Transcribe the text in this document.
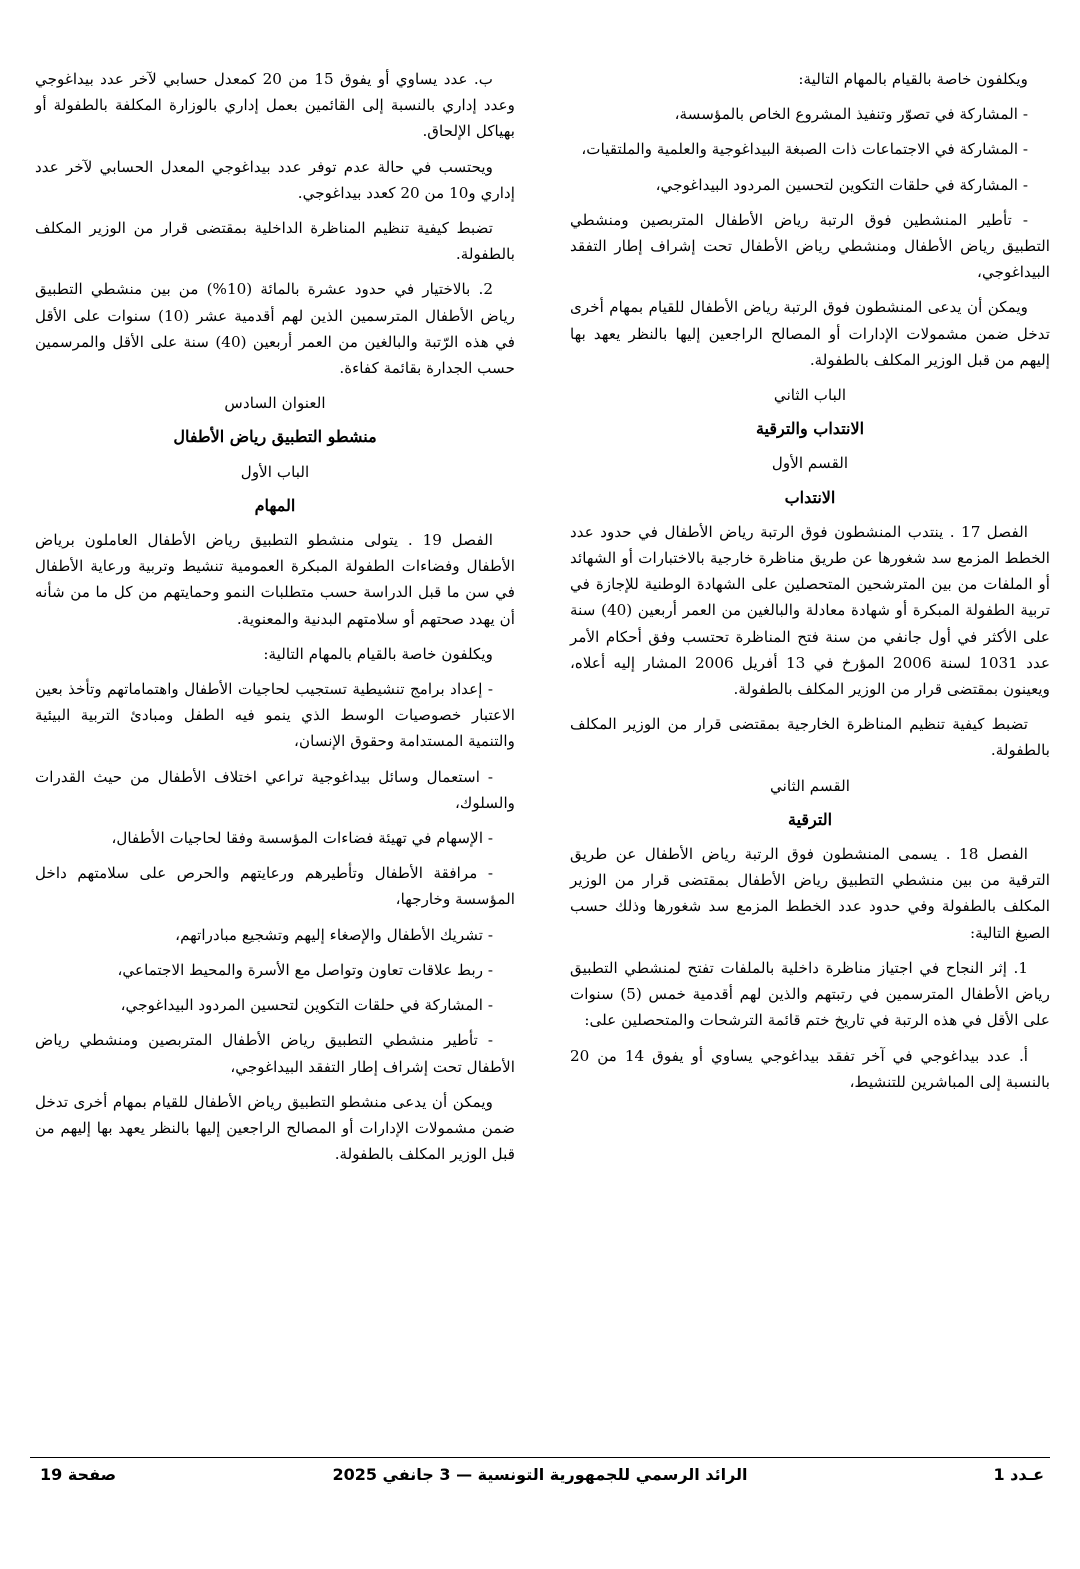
ويكلفون خاصة بالقيام بالمهام التالية:

- المشاركة في تصوّر وتنفيذ المشروع الخاص بالمؤسسة،

- المشاركة في الاجتماعات ذات الصبغة البيداغوجية والعلمية والملتقيات،

- المشاركة في حلقات التكوين لتحسين المردود البيداغوجي،

- تأطير المنشطين فوق الرتبة رياض الأطفال المتربصين ومنشطي التطبيق رياض الأطفال ومنشطي رياض الأطفال تحت إشراف إطار التفقد البيداغوجي،

ويمكن أن يدعى المنشطون فوق الرتبة رياض الأطفال للقيام بمهام أخرى تدخل ضمن مشمولات الإدارات أو المصالح الراجعين إليها بالنظر يعهد بها إليهم من قبل الوزير المكلف بالطفولة.

الباب الثاني

الانتداب والترقية

القسم الأول

الانتداب

الفصل 17 . ينتدب المنشطون فوق الرتبة رياض الأطفال في حدود عدد الخطط المزمع سد شغورها عن طريق مناظرة خارجية بالاختبارات أو الشهائد أو الملفات من بين المترشحين المتحصلين على الشهادة الوطنية للإجازة في تربية الطفولة المبكرة أو شهادة معادلة والبالغين من العمر أربعين (40) سنة على الأكثر في أول جانفي من سنة فتح المناظرة تحتسب وفق أحكام الأمر عدد 1031 لسنة 2006 المؤرخ في 13 أفريل 2006 المشار إليه أعلاه، ويعينون بمقتضى قرار من الوزير المكلف بالطفولة.

تضبط كيفية تنظيم المناظرة الخارجية بمقتضى قرار من الوزير المكلف بالطفولة.

القسم الثاني

الترقية

الفصل 18 . يسمى المنشطون فوق الرتبة رياض الأطفال عن طريق الترقية من بين منشطي التطبيق رياض الأطفال بمقتضى قرار من الوزير المكلف بالطفولة وفي حدود عدد الخطط المزمع سد شغورها وذلك حسب الصيغ التالية:

1. إثر النجاح في اجتياز مناظرة داخلية بالملفات تفتح لمنشطي التطبيق رياض الأطفال المترسمين في رتبتهم والذين لهم أقدمية خمس (5) سنوات على الأقل في هذه الرتبة في تاريخ ختم قائمة الترشحات والمتحصلين على:

أ. عدد بيداغوجي في آخر تفقد بيداغوجي يساوي أو يفوق 14 من 20 بالنسبة إلى المباشرين للتنشيط،

ب. عدد يساوي أو يفوق 15 من 20 كمعدل حسابي لآخر عدد بيداغوجي وعدد إداري بالنسبة إلى القائمين بعمل إداري بالوزارة المكلفة بالطفولة أو بهياكل الإلحاق.

ويحتسب في حالة عدم توفر عدد بيداغوجي المعدل الحسابي لآخر عدد إداري و10 من 20 كعدد بيداغوجي.

تضبط كيفية تنظيم المناظرة الداخلية بمقتضى قرار من الوزير المكلف بالطفولة.

2. بالاختيار في حدود عشرة بالمائة (10%) من بين منشطي التطبيق رياض الأطفال المترسمين الذين لهم أقدمية عشر (10) سنوات على الأقل في هذه الرّتبة والبالغين من العمر أربعين (40) سنة على الأقل والمرسمين حسب الجدارة بقائمة كفاءة.

العنوان السادس

منشطو التطبيق رياض الأطفال

الباب الأول

المهام

الفصل 19 . يتولى منشطو التطبيق رياض الأطفال العاملون برياض الأطفال وفضاءات الطفولة المبكرة العمومية تنشيط وتربية ورعاية الأطفال في سن ما قبل الدراسة حسب متطلبات النمو وحمايتهم من كل ما من شأنه أن يهدد صحتهم أو سلامتهم البدنية والمعنوية.

ويكلفون خاصة بالقيام بالمهام التالية:

- إعداد برامج تنشيطية تستجيب لحاجيات الأطفال واهتماماتهم وتأخذ بعين الاعتبار خصوصيات الوسط الذي ينمو فيه الطفل ومبادئ التربية البيئية والتنمية المستدامة وحقوق الإنسان،

- استعمال وسائل بيداغوجية تراعي اختلاف الأطفال من حيث القدرات والسلوك،

- الإسهام في تهيئة فضاءات المؤسسة وفقا لحاجيات الأطفال،

- مرافقة الأطفال وتأطيرهم ورعايتهم والحرص على سلامتهم داخل المؤسسة وخارجها،

- تشريك الأطفال والإصغاء إليهم وتشجيع مبادراتهم،

- ربط علاقات تعاون وتواصل مع الأسرة والمحيط الاجتماعي،

- المشاركة في حلقات التكوين لتحسين المردود البيداغوجي،

- تأطير منشطي التطبيق رياض الأطفال المتربصين ومنشطي رياض الأطفال تحت إشراف إطار التفقد البيداغوجي،

ويمكن أن يدعى منشطو التطبيق رياض الأطفال للقيام بمهام أخرى تدخل ضمن مشمولات الإدارات أو المصالح الراجعين إليها بالنظر يعهد بها إليهم من قبل الوزير المكلف بالطفولة.

عـدد 1
الرائد الرسمي للجمهورية التونسية — 3 جانفي 2025
صفحة 19
